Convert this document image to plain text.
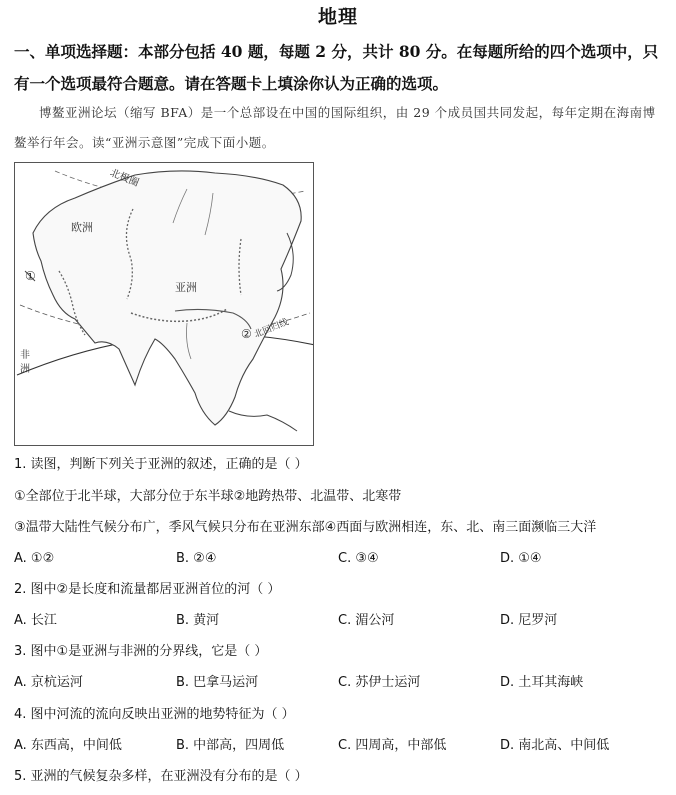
地理
一、单项选择题：本部分包括 40 题，每题 2 分，共计 80 分。在每题所给的四个选项中，只有一个选项最符合题意。请在答题卡上填涂你认为正确的选项。
博鳌亚洲论坛（缩写 BFA）是一个总部设在中国的国际组织，由 29 个成员国共同发起，每年定期在海南博鳌举行年会。读“亚洲示意图”完成下面小题。
北极圈
欧洲
亚洲
北回归线
非洲
①
②
1. 读图，判断下列关于亚洲的叙述，正确的是（ ）
①全部位于北半球，大部分位于东半球②地跨热带、北温带、北寒带
③温带大陆性气候分布广，季风气候只分布在亚洲东部④西面与欧洲相连，东、北、南三面濒临三大洋
A. ①②	B. ②④	C. ③④	D. ①④
2. 图中②是长度和流量都居亚洲首位的河（ ）
A. 长江	B. 黄河	C. 湄公河	D. 尼罗河
3. 图中①是亚洲与非洲的分界线，它是（ ）
A. 京杭运河	B. 巴拿马运河	C. 苏伊士运河	D. 土耳其海峡
4. 图中河流的流向反映出亚洲的地势特征为（ ）
A. 东西高，中间低	B. 中部高，四周低	C. 四周高，中部低	D. 南北高、中间低
5. 亚洲的气候复杂多样，在亚洲没有分布的是（ ）
